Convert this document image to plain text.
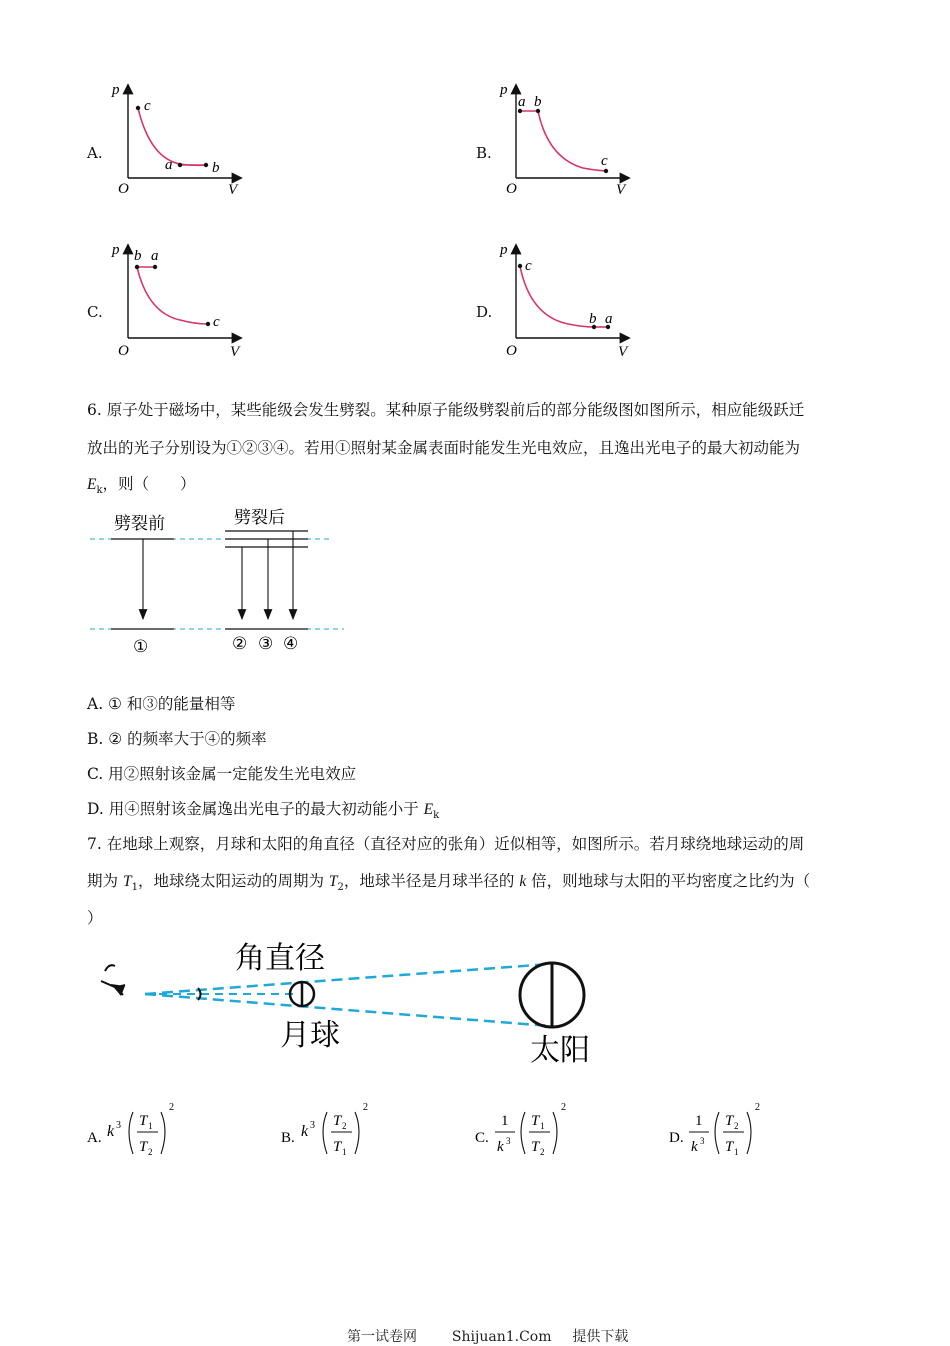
A.
p
V
O
c
a	b
B.
p
V
O
a b
c
C.
p
V
O
b a
c
D.
p
V
O
c
b a
6. 原子处于磁场中，某些能级会发生劈裂。某种原子能级劈裂前后的部分能级图如图所示，相应能级跃迁
放出的光子分别设为①②③④。若用①照射某金属表面时能发生光电效应，且逸出光电子的最大初动能为
$E_k$，则（　　）
劈裂前	劈裂后
①	② ③ ④
A. ① 和③的能量相等
B. ② 的频率大于④的频率
C. 用②照射该金属一定能发生光电效应
D. 用④照射该金属逸出光电子的最大初动能小于 $E_k$
7. 在地球上观察，月球和太阳的角直径（直径对应的张角）近似相等，如图所示。若月球绕地球运动的周
期为 $T_1$，地球绕太阳运动的周期为 $T_2$，地球半径是月球半径的 k 倍，则地球与太阳的平均密度之比约为（
）
角直径
月球	太阳
A. k 3 T 1
T 2
2
B. k 3 T 2
T 1
2
C.
1
k 3
T 1
T 2
2
D.
1
k 3
T 2
T 1
2
第一试卷网 Shijuan1.Com 提供下载
